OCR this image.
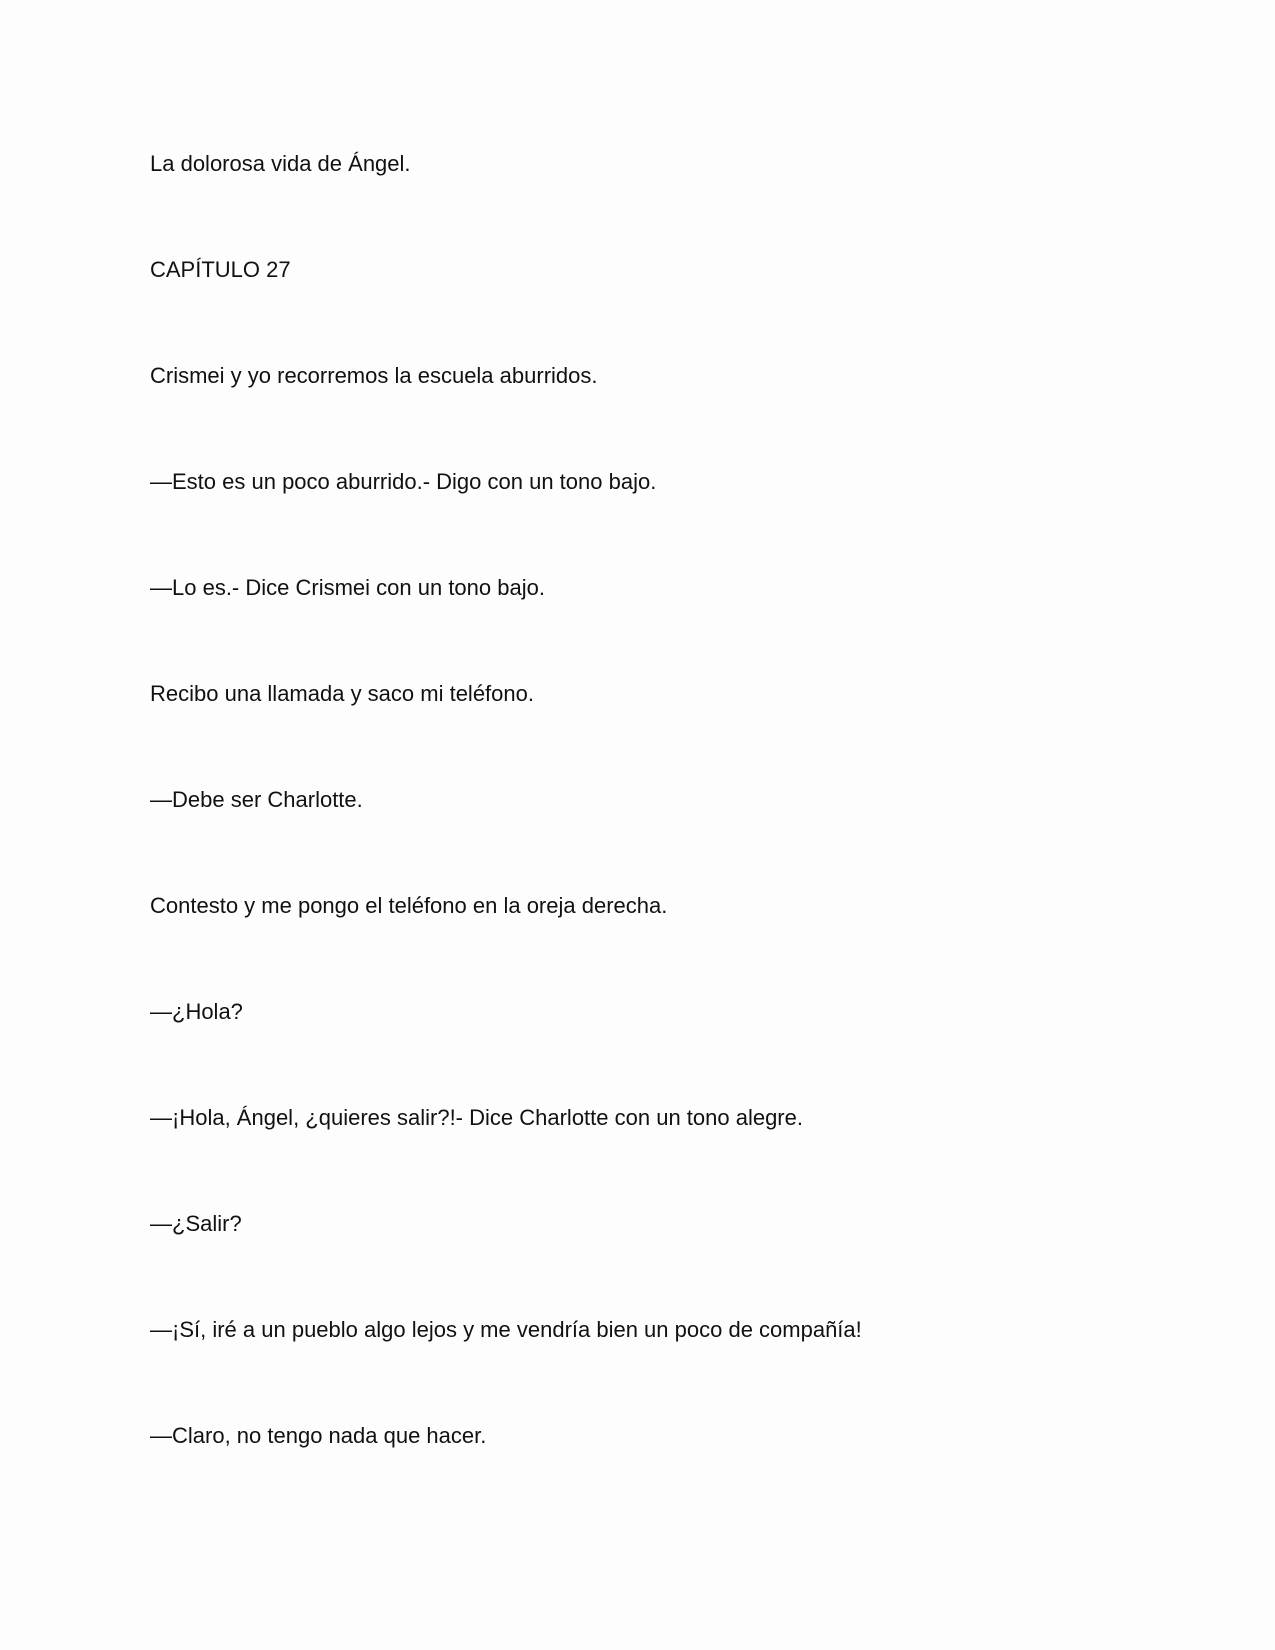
La dolorosa vida de Ángel.

CAPÍTULO 27

Crismei y yo recorremos la escuela aburridos.

—Esto es un poco aburrido.- Digo con un tono bajo.

—Lo es.- Dice Crismei con un tono bajo.

Recibo una llamada y saco mi teléfono.

—Debe ser Charlotte.

Contesto y me pongo el teléfono en la oreja derecha.

—¿Hola?

—¡Hola, Ángel, ¿quieres salir?!- Dice Charlotte con un tono alegre.

—¿Salir?

—¡Sí, iré a un pueblo algo lejos y me vendría bien un poco de compañía!

—Claro, no tengo nada que hacer.
